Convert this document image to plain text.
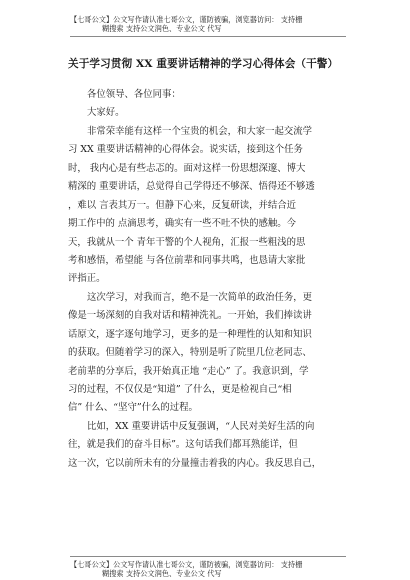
【七哥公文】公文写作请认准七哥公文，谨防被骗，浏览器访问： 支持栅
糊搜索 支持公文润色、专业公文 代写
关于学习贯彻 XX 重要讲话精神的学习心得体会（干警）
各位领导、各位同事：
大家好。
非常荣幸能有这样一个宝贵的机会，和大家一起交流学
习 XX 重要讲话精神的心得体会。说实话，接到这个任务
时， 我内心是有些忐忑的。面对这样一份思想深邃、博大
精深的 重要讲话，总觉得自己学得还不够深、悟得还不够透
，难以 言表其万一。但静下心来，反复研读，并结合近
期工作中的 点滴思考，确实有一些不吐不快的感触。今
天，我就从一个 青年干警的个人视角，汇报一些粗浅的思
考和感悟，希望能 与各位前辈和同事共鸣，也恳请大家批
评指正。
这次学习，对我而言，绝不是一次简单的政治任务，更
像是一场深刻的自我对话和精神洗礼。一开始，我们捧读讲
话原文，逐字逐句地学习，更多的是一种理性的认知和知识
的获取。但随着学习的深入，特别是听了院里几位老同志、
老前辈的分享后，我开始真正地 “走心” 了。我意识到，学
习的过程，不仅仅是“知道” 了什么，更是检视自己“相
信” 什么、“坚守”什么的过程。
比如，XX 重要讲话中反复强调，“人民对美好生活的向
往，就是我们的奋斗目标”。这句话我们都耳熟能详，但
这一次，它以前所未有的分量撞击着我的内心。我反思自己，
【七哥公文】公文写作请认准七哥公文，谨防被骗，浏览器访问： 支持栅
糊搜索 支持公文润色、专业公文 代写
